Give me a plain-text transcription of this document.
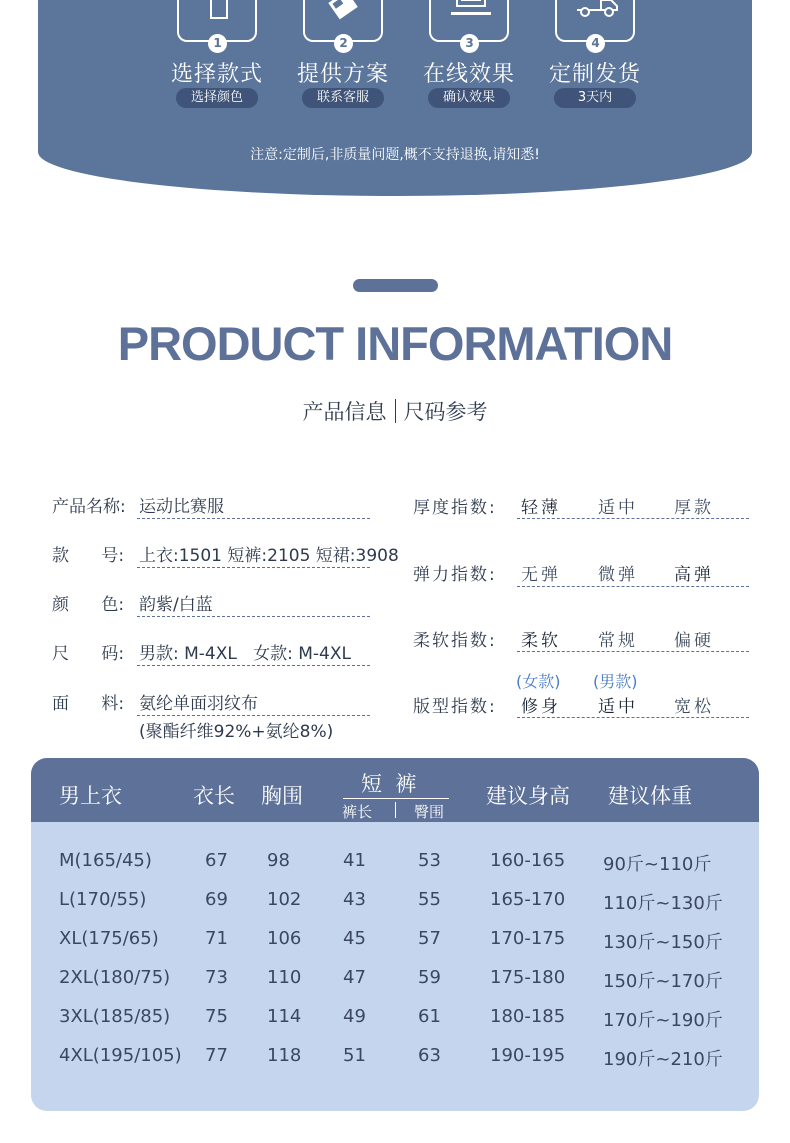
1
选择款式
选择颜色
2
提供方案
联系客服
3
在线效果
确认效果
4
定制发货
3天内
注意:定制后,非质量问题,概不支持退换,请知悉!
PRODUCT INFORMATION
产品信息 尺码参考
产品名称: 运动比赛服
款      号: 上衣:1501 短裤:2105 短裙:3908
颜      色: 韵紫/白蓝
尺      码: 男款: M-4XL   女款: M-4XL
面      料: 氨纶单面羽纹布
(聚酯纤维92%+氨纶8%)
厚度指数: 轻薄 适中 厚款
弹力指数: 无弹 微弹 高弹
柔软指数: 柔软 常规 偏硬
(女款) (男款)
版型指数: 修身 适中 宽松
男上衣	衣长 胸围	短  裤
裤长	臀围
建议身高 建议体重
M(165/45)	67 98	41	53	160-165 90斤~110斤
L(170/55)	69 102 43	55	165-170 110斤~130斤
XL(175/65)	71 106 45	57	170-175 130斤~150斤
2XL(180/75) 73 110 47	59	175-180 150斤~170斤
3XL(185/85) 75 114 49	61	180-185 170斤~190斤
4XL(195/105) 77 118 51	63	190-195 190斤~210斤
